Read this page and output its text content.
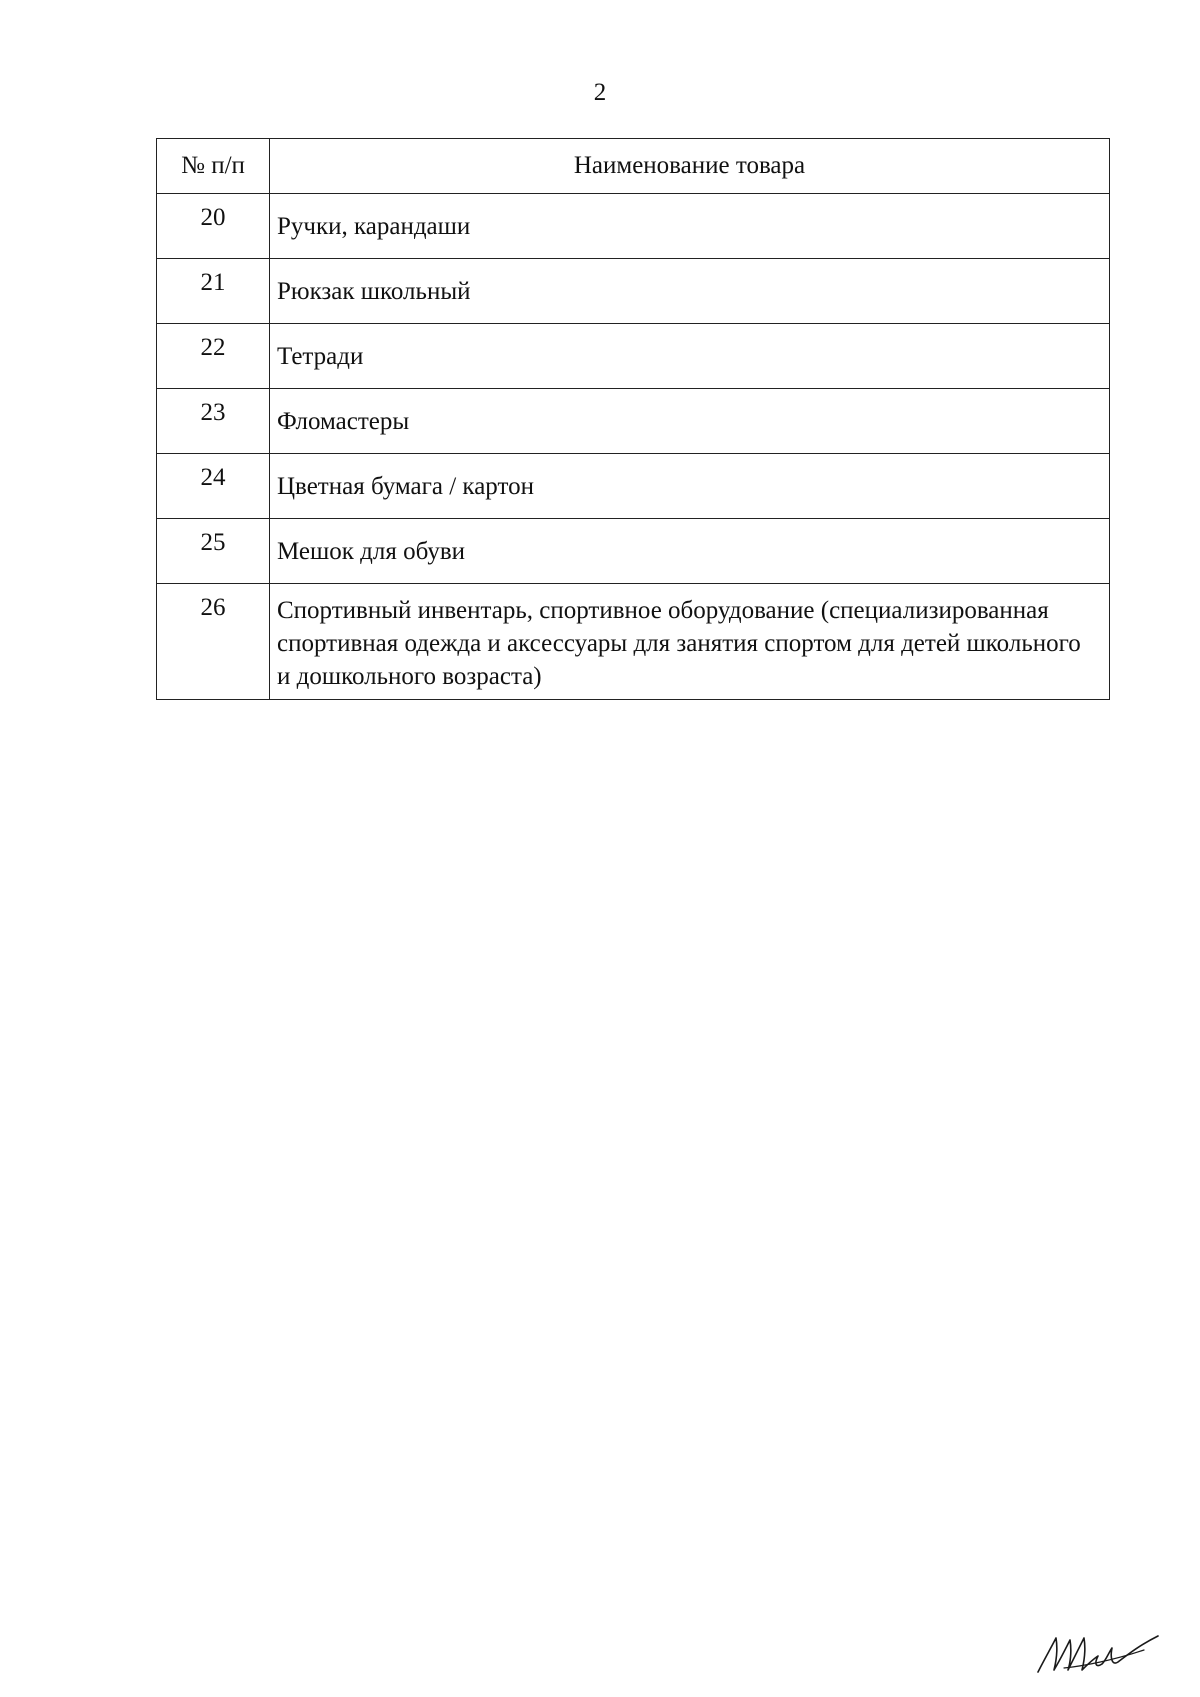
2
№ п/п	Наименование товара
20	Ручки, карандаши
21	Рюкзак школьный
22	Тетради
23	Фломастеры
24	Цветная бумага / картон
25	Мешок для обуви
26	Спортивный инвентарь, спортивное оборудование (специализированная спортивная одежда и аксессуары для занятия спортом для детей школьного и дошкольного возраста)
